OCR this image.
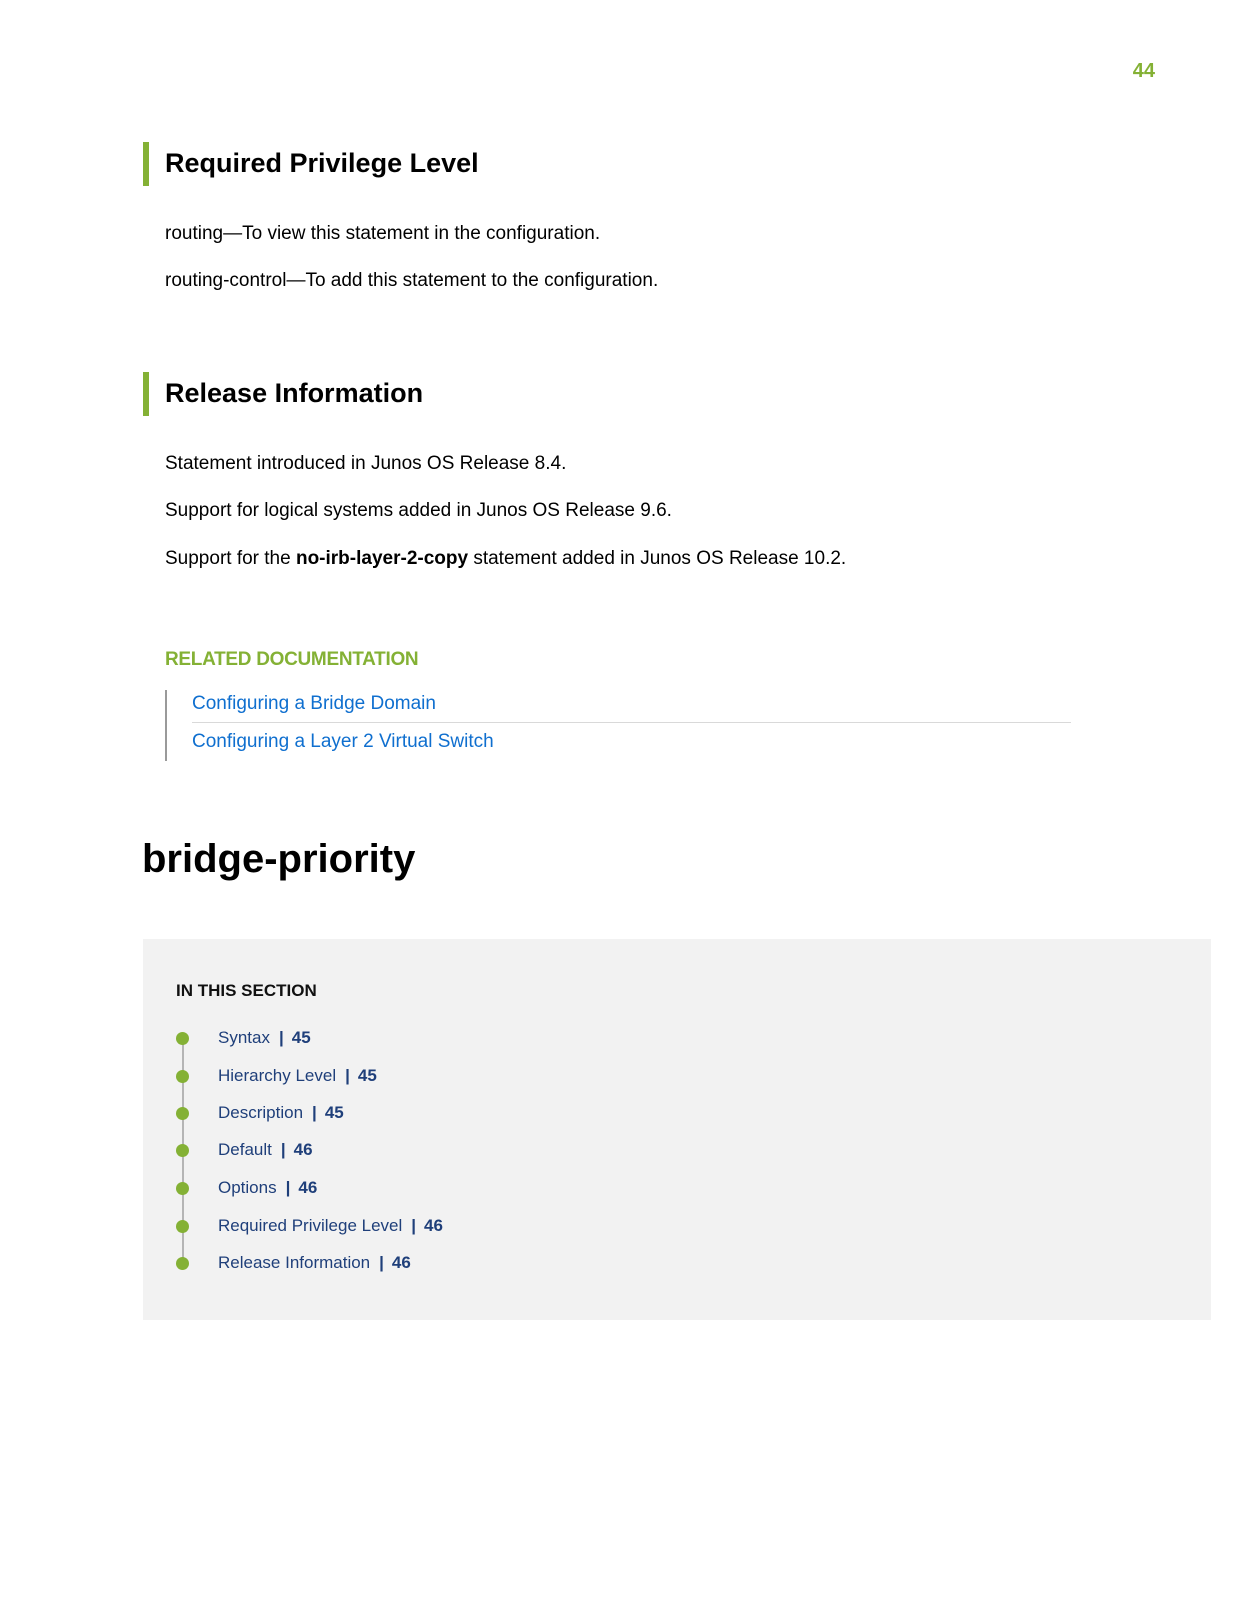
44
Required Privilege Level
routing—To view this statement in the configuration.
routing-control—To add this statement to the configuration.
Release Information
Statement introduced in Junos OS Release 8.4.
Support for logical systems added in Junos OS Release 9.6.
Support for the no-irb-layer-2-copy statement added in Junos OS Release 10.2.
RELATED DOCUMENTATION
Configuring a Bridge Domain
Configuring a Layer 2 Virtual Switch
bridge-priority
IN THIS SECTION
Syntax | 45
Hierarchy Level | 45
Description | 45
Default | 46
Options | 46
Required Privilege Level | 46
Release Information | 46
